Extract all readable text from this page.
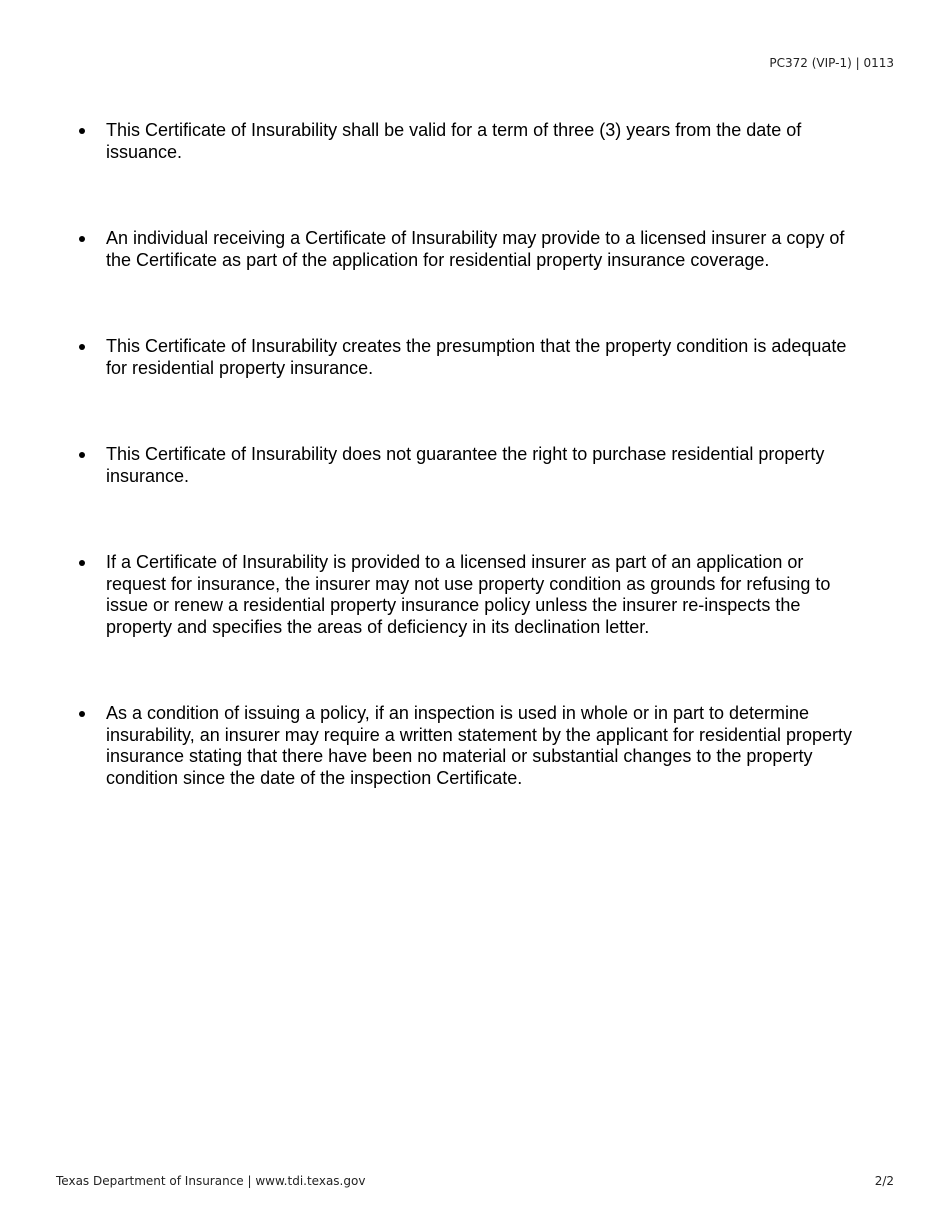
PC372 (VIP-1) | 0113
This Certificate of Insurability shall be valid for a term of three (3) years from the date of issuance.
An individual receiving a Certificate of Insurability may provide to a licensed insurer a copy of the Certificate as part of the application for residential property insurance coverage.
This Certificate of Insurability creates the presumption that the property condition is adequate for residential property insurance.
This Certificate of Insurability does not guarantee the right to purchase residential property insurance.
If a Certificate of Insurability is provided to a licensed insurer as part of an application or request for insurance, the insurer may not use property condition as grounds for refusing to issue or renew a residential property insurance policy unless the insurer re-inspects the property and specifies the areas of deficiency in its declination letter.
As a condition of issuing a policy, if an inspection is used in whole or in part to determine insurability, an insurer may require a written statement by the applicant for residential property insurance stating that there have been no material or substantial changes to the property condition since the date of the inspection Certificate.
Texas Department of Insurance | www.tdi.texas.gov	2/2
